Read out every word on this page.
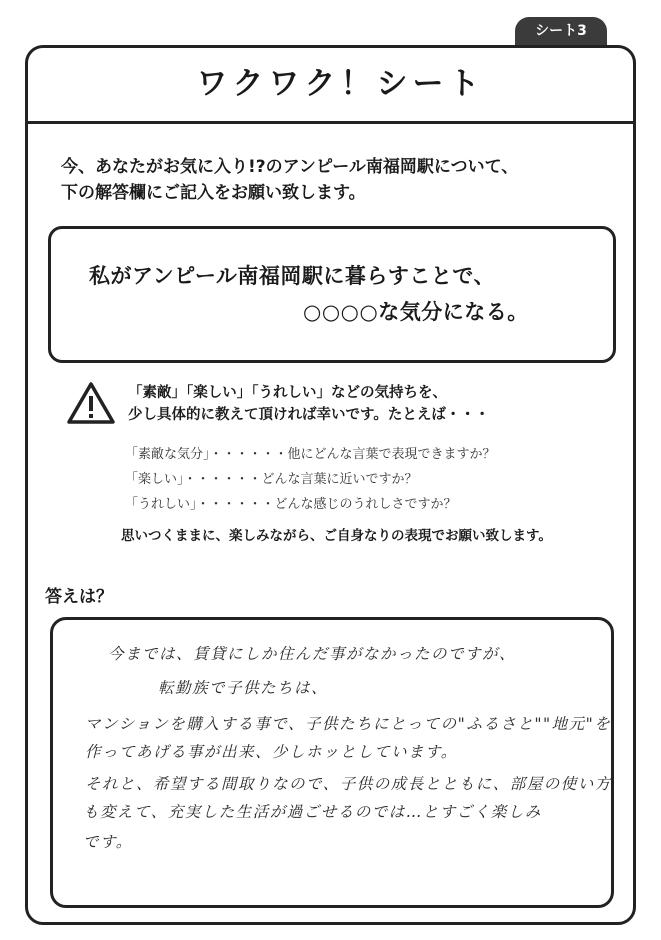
シート3
ワクワク！シート
今、あなたがお気に入り!?のアンピール南福岡駅について、
下の解答欄にご記入をお願い致します。
私がアンピール南福岡駅に暮らすことで、
○○○○な気分になる。
「素敵」「楽しい」「うれしい」などの気持ちを、
少し具体的に教えて頂ければ幸いです。たとえば・・・
「素敵な気分」・・・・・・他にどんな言葉で表現できますか？
「楽しい」・・・・・・どんな言葉に近いですか？
「うれしい」・・・・・・どんな感じのうれしさですか？
思いつくままに、楽しみながら、ご自身なりの表現でお願い致します。
答えは？
今までは、賃貸にしか住んだ事がなかったのですが、
転勤族で子供たちは、
マンションを購入する事で、子供たちにとっての"ふるさと""地元"を
作ってあげる事が出来、少しホッとしています。
それと、希望する間取りなので、子供の成長とともに、部屋の使い方
も変えて、充実した生活が過ごせるのでは…とすごく楽しみ
です。
